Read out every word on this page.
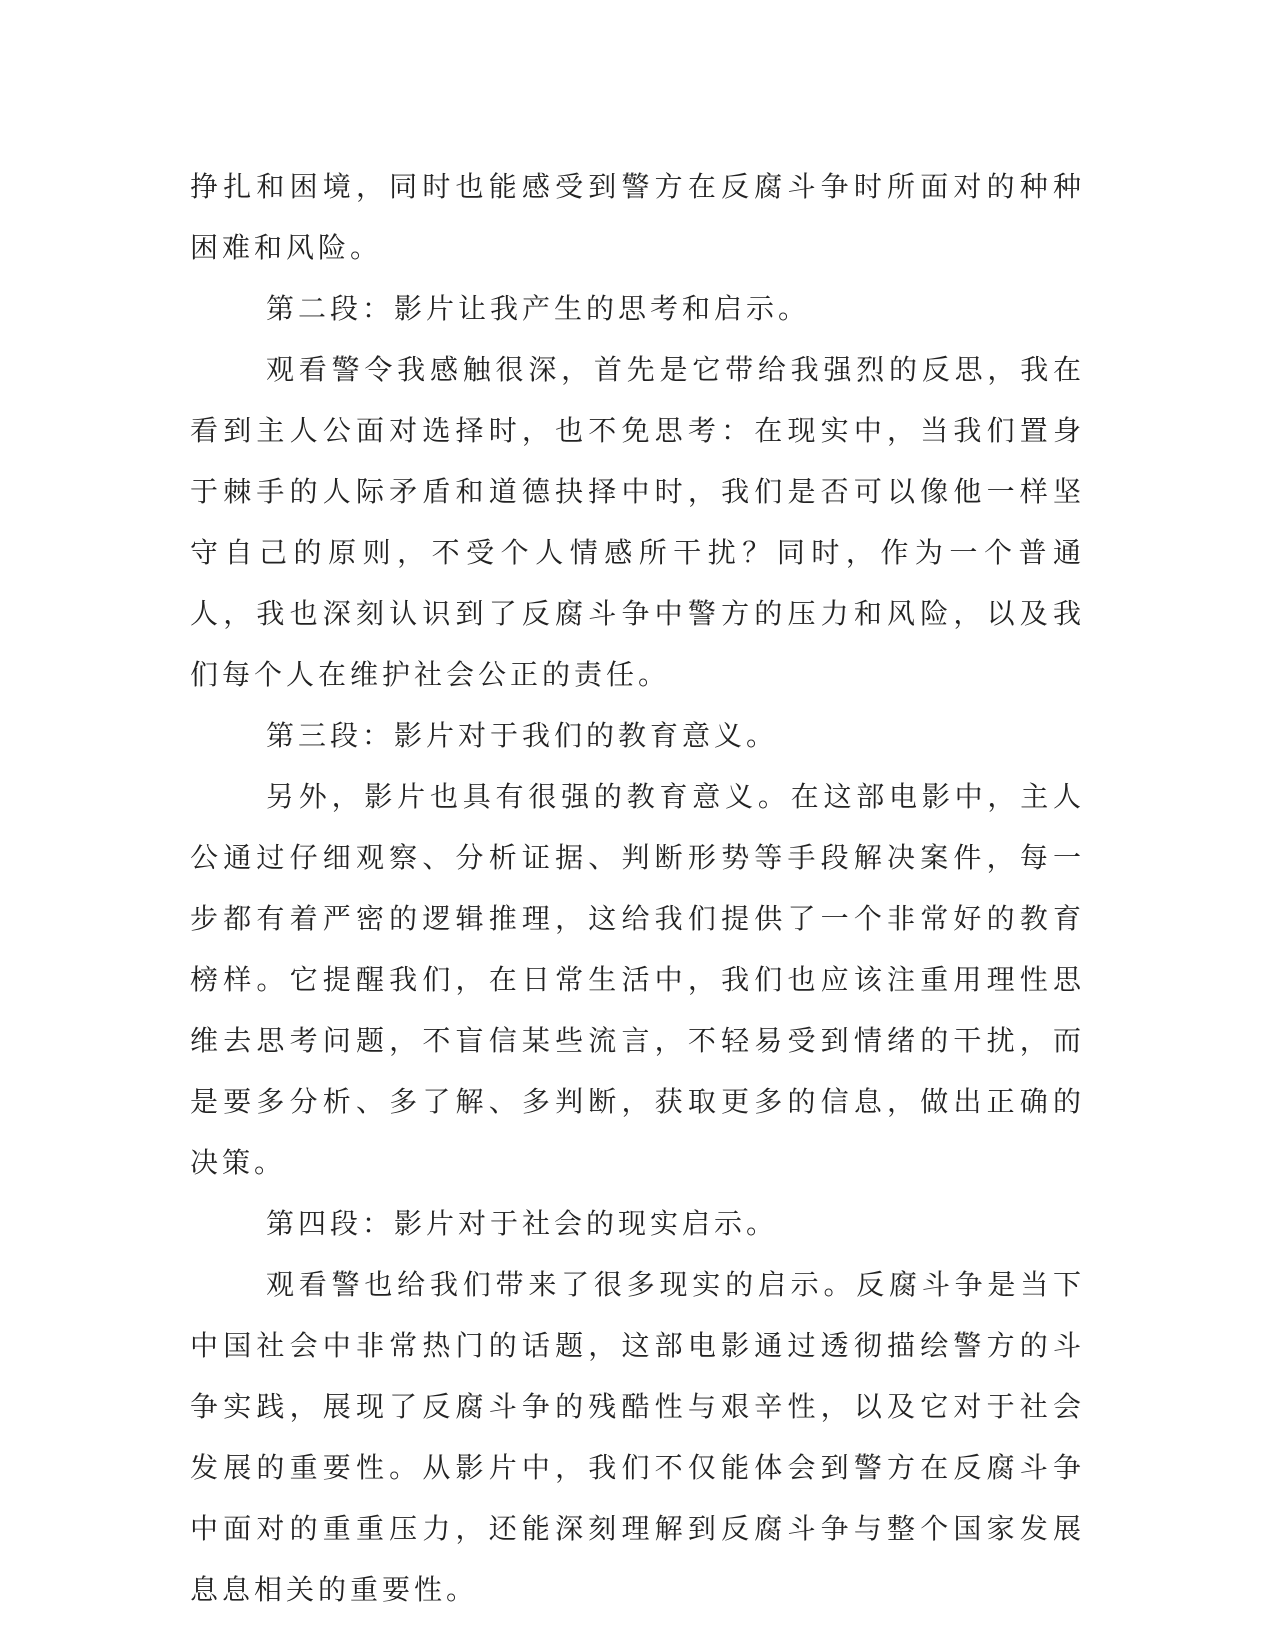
挣扎和困境，同时也能感受到警方在反腐斗争时所面对的种种困难和风险。

第二段：影片让我产生的思考和启示。

观看警令我感触很深，首先是它带给我强烈的反思，我在看到主人公面对选择时，也不免思考：在现实中，当我们置身于棘手的人际矛盾和道德抉择中时，我们是否可以像他一样坚守自己的原则，不受个人情感所干扰？同时，作为一个普通人，我也深刻认识到了反腐斗争中警方的压力和风险，以及我们每个人在维护社会公正的责任。

第三段：影片对于我们的教育意义。

另外，影片也具有很强的教育意义。在这部电影中，主人公通过仔细观察、分析证据、判断形势等手段解决案件，每一步都有着严密的逻辑推理，这给我们提供了一个非常好的教育榜样。它提醒我们，在日常生活中，我们也应该注重用理性思维去思考问题，不盲信某些流言，不轻易受到情绪的干扰，而是要多分析、多了解、多判断，获取更多的信息，做出正确的决策。

第四段：影片对于社会的现实启示。

观看警也给我们带来了很多现实的启示。反腐斗争是当下中国社会中非常热门的话题，这部电影通过透彻描绘警方的斗争实践，展现了反腐斗争的残酷性与艰辛性，以及它对于社会发展的重要性。从影片中，我们不仅能体会到警方在反腐斗争中面对的重重压力，还能深刻理解到反腐斗争与整个国家发展息息相关的重要性。
